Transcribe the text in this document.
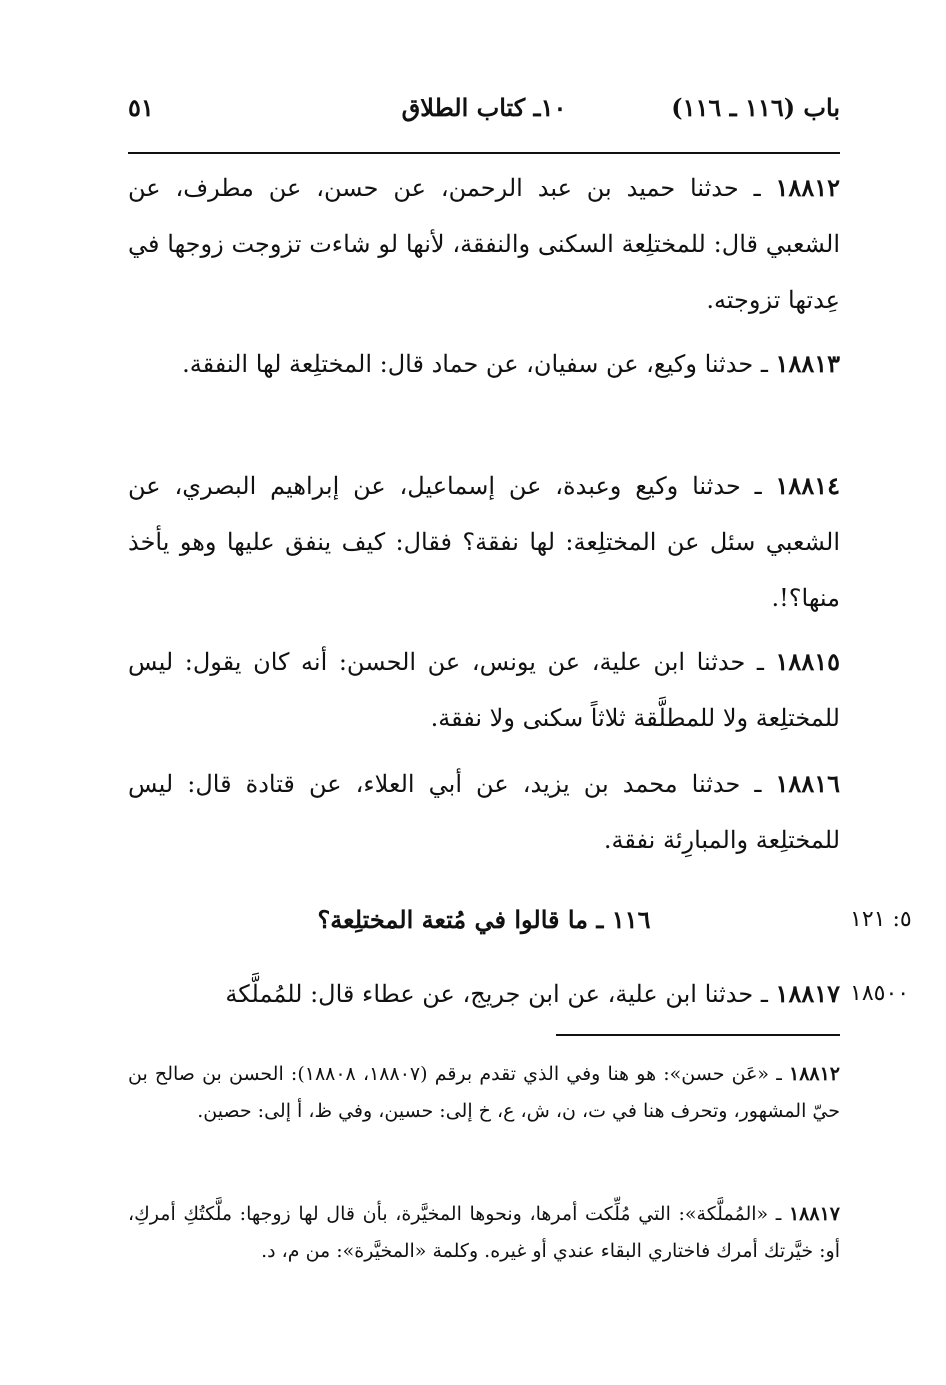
باب (١١٦ ـ ١١٦)
١٠ـ كتاب الطلاق
٥١
١٨٨١٢ ـ حدثنا حميد بن عبد الرحمن، عن حسن، عن مطرف، عن الشعبي قال: للمختلِعة السكنى والنفقة، لأنها لو شاءت تزوجت زوجها في عِدتها تزوجته.
١٨٨١٣ ـ حدثنا وكيع، عن سفيان، عن حماد قال: المختلِعة لها النفقة.
١٨٨١٤ ـ حدثنا وكيع وعبدة، عن إسماعيل، عن إبراهيم البصري، عن الشعبي سئل عن المختلِعة: لها نفقة؟ فقال: كيف ينفق عليها وهو يأخذ منها؟!.
١٨٨١٥ ـ حدثنا ابن علية، عن يونس، عن الحسن: أنه كان يقول: ليس للمختلِعة ولا للمطلَّقة ثلاثاً سكنى ولا نفقة.
١٨٨١٦ ـ حدثنا محمد بن يزيد، عن أبي العلاء، عن قتادة قال: ليس للمختلِعة والمبارِئة نفقة.
١١٦ ـ ما قالوا في مُتعة المختلِعة؟	٥: ١٢١
١٨٨١٧ ـ حدثنا ابن علية، عن ابن جريج، عن عطاء قال: للمُملَّكة	١٨٥٠٠
١٨٨١٢ ـ «عَن حسن»: هو هنا وفي الذي تقدم برقم (١٨٨٠٧، ١٨٨٠٨): الحسن بن صالح بن حيّ المشهور، وتحرف هنا في ت، ن، ش، ع، خ إلى: حسين، وفي ظ، أ إلى: حصين.
١٨٨١٧ ـ «المُملَّكة»: التي مُلِّكت أمرها، ونحوها المخيَّرة، بأن قال لها زوجها: ملَّكتُكِ أمركِ، أو: خيَّرتك أمرك فاختاري البقاء عندي أو غيره. وكلمة «المخيَّرة»: من م، د.
